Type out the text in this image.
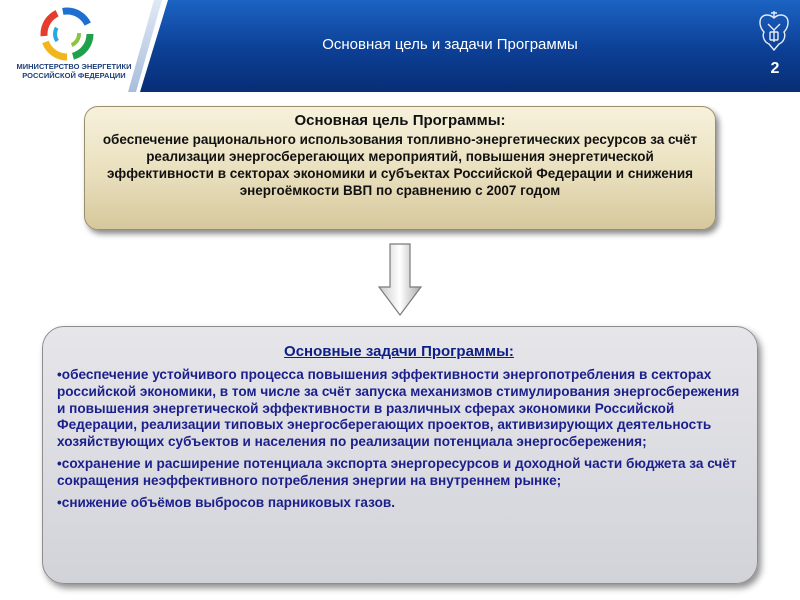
МИНИСТЕРСТВО ЭНЕРГЕТИКИ
РОССИЙСКОЙ ФЕДЕРАЦИИ
Основная цель и задачи Программы
2
Основная цель Программы:
обеспечение рационального использования топливно-энергетических ресурсов за счёт реализации энергосберегающих мероприятий, повышения энергетической эффективности в секторах экономики и субъектах Российской Федерации и снижения энергоёмкости ВВП по сравнению с 2007 годом
Основные задачи Программы:
•обеспечение устойчивого процесса повышения эффективности энергопотребления в секторах российской экономики, в том числе за счёт запуска механизмов стимулирования энергосбережения и повышения энергетической эффективности в различных сферах экономики Российской Федерации, реализации типовых энергосберегающих проектов, активизирующих деятельность хозяйствующих субъектов и населения по реализации потенциала энергосбережения;
•сохранение и расширение потенциала экспорта энергоресурсов и доходной части бюджета за счёт сокращения неэффективного потребления энергии на внутреннем рынке;
•снижение объёмов выбросов парниковых газов.
